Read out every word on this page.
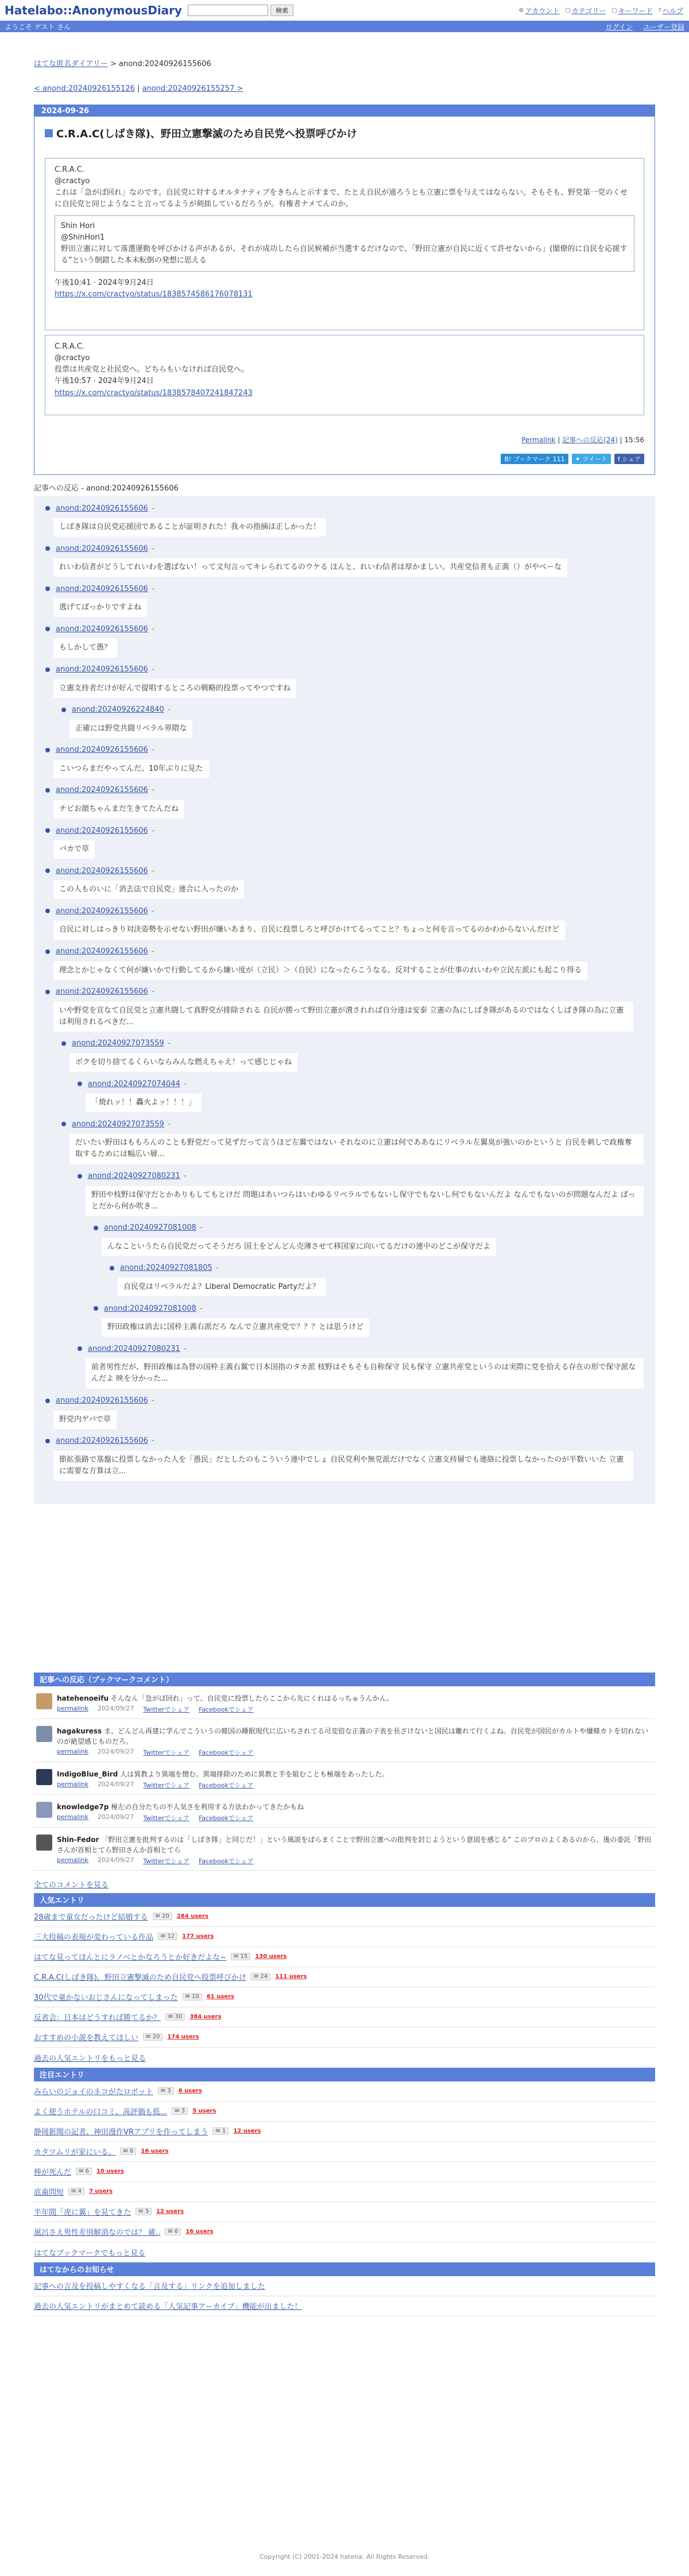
Hatelabo::AnonymousDiary	検索	⚙ アカウント ▢ カテゴリー ▢ キーワード ? ヘルプ
ようこそ ゲスト さん	ログイン ユーザー登録
はてな匿名ダイアリー > anond:20240926155606
< anond:20240926155126 | anond:20240926155257 >
2024-09-26
C.R.A.C(しばき隊)、野田立憲撃滅のため自民党へ投票呼びかけ
C.R.A.C.
@cractyo
これは「急がば回れ」なのです。自民党に対するオルタナティブをきちんと示すまで、たとえ自民が通ろうとも立憲に票を与えてはならない。そもそも、野党第一党のくせに自民党と同じようなこと言ってるようが剣拙しているだろうが。有権者ナメてんのか。
Shin Hori
@ShinHori1
野田立憲に対して落選運動を呼びかける声があるが、それが成功したら自民候補が当選するだけなので、「野田立憲が自民に近くて許せないから」(閣僚的に自民を応援する”という倒錯した本末転倒の発想に思える
午後10:41 · 2024年9月24日
https://x.com/cractyo/status/1838574586176078131
C.R.A.C.
@cractyo
投票は共産党と社民党へ。どちらもいなければ自民党へ。
午後10:57 · 2024年9月24日
https://x.com/cractyo/status/1838578407241847243
Permalink | 記事への反応(24) | 15:56
B! ブックマーク 111	✦ ツイート f シェア
記事への反応 - anond:20240926155606
anond:20240926155606 -
しばき隊は自民党応援団であることが証明された！我々の指摘は正しかった！
anond:20240926155606 -
れいわ信者がどうしてれいわを選ばない！って文句言ってキレられてるのウケる ほんと、れいわ信者は厚かましい。共産党信者も正義（）がやべーな
anond:20240926155606 -
逃げてばっかりですよね
anond:20240926155606 -
もしかして愚？
anond:20240926155606 -
立憲支持者だけが好んで提唱するところの戦略的投票ってやつですね
anond:20240926224840 -
正確には野党共闘リベラル界隈な
anond:20240926155606 -
こいつらまだやってんだ。10年ぶりに見た
anond:20240926155606 -
チビお顔ちゃんまだ生きてたんだね
anond:20240926155606 -
バカで草
anond:20240926155606 -
この人ものいに「消去法で自民党」連合に入ったのか
anond:20240926155606 -
自民に対しはっきり対決姿勢を示せない野田が嫌いあまり、自民に投票しろと呼びかけてるってこと？ちょっと何を言ってるのかわからないんだけど
anond:20240926155606 -
理念とかじゃなくて何が嫌いかで行動してるから嫌い度が（立民）＞（自民）になったらこうなる。反対することが仕事のれいわや立民左派にも起こり得る
anond:20240926155606 -
いや野党を宣なて自民党と立憲共闘して真野党が排除される 自民が勝って野田立憲が潰されれば自分達は安泰 立憲の為にしばき隊があるのではなくしばき隊の為に立憲は利用されるべきだ...
anond:20240927073559 -
ボクを切り捨てるくらいならみんな燃えちゃえ！って感じじゃね
anond:20240927074044 -
「焼れッ！！轟火よッ！！！」
anond:20240927073559 -
だいたい野田はももろんのことも野党だって見ずだって言うほど左翼ではない それなのに立憲は何でああなにリベラル左翼臭が強いのかというと 自民を刺しで政権奪取するためには幅広い層...
anond:20240927080231 -
野田や枝野は保守だとかありもしてもとけだ 問題はあいつらはいわゆるリベラルでもないし保守でもないし何でもないんだよ なんでもないのが問題なんだよ ぱっとだから何か吹き...
anond:20240927081008 -
んなこというたら自民党だってそうだろ 国土をどんどん売薄させて移国家に向いてるだけの連中のどこが保守だよ
anond:20240927081805 -
自民党はリベラルだよ？Liberal Democratic Partyだよ？
anond:20240927081008 -
野田政権は消去に国枠主義右派だろ なんで立憲共産党で？？？とは思うけど
anond:20240927080231 -
前者男性だが、野田政権は為替の国枠主義右翼で日本国指のタカ派 枝野はそもそも自称保守 民も保守 立憲共産党というのは実際に党を拾える存在の形で保守派なんだよ 映を分かった...
anond:20240926155606 -
野党内ゲバで草
anond:20240926155606 -
節拡張路で基盤に投票しなかった人を「愚民」だとしたのもこういう連中でしょ 自民党利や無党派だけでなく立憲支持層でも連絡に投票しなかったのが半数いいた 立憲に需要な方算は立...
記事への反応（ブックマークコメント）
hatehenoeifu そんなん「急がば回れ」って、自民党に投票したらここから先にくれはるっちゅうんかん。
permalink 2024/09/27 Twitterでシェア Facebookでシェア
hagakuress ま、どんどん再建に学んでこういうの韓国の睡眠現代に広いちされてる可変倍な正義の子表を長ざけないと国民は離れて行くよね。自民党が国民がカルトや嫌韓カトを切れないのが絶望感じものだろ。
permalink 2024/09/27 Twitterでシェア Facebookでシェア
IndigoBlue_Bird 人は異教より異端を憎む。異端排除のために異教と手を組むことも極端をあったした。
permalink 2024/09/27 Twitterでシェア Facebookでシェア
knowledge7p 極左の自分たちの不人気さを利用する方法わかってきたかもね
permalink 2024/09/27 Twitterでシェア Facebookでシェア
Shin-Fedor 「野田立憲を批判するのは「しばき隊」と同じだ！」という風説をばらまくことで野田立憲への批判を封じようという意図を感じる” このプロのよくあるのから、後の委託「野田さんが首相とてら野田さんか首相とてら
permalink 2024/09/27 Twitterでシェア Facebookでシェア
全てのコメントを見る
人気エントリ
28歳まで童女だったけど結婚する	✉ 20	284 users
三大投稿の表現が変わっている作品	✉ 12	177 users
はてな見ってほんとにラノベとかなろうとか好きだよな~	✉ 15	130 users
C.R.A.C(しばき隊)、野田立憲撃滅のため自民党へ投票呼びかけ	✉ 24	111 users
30代で童かないおじさんになってしまった	✉ 10	61 users
反省会：日本はどうすれば勝てるか？	✉ 30	384 users
おすすめの小説を教えてほしい	✉ 20	174 users
過去の人気エントリをもっと見る
注目エントリ
みらいのジョイのネコがたロボット	✉ 3	6 users
よく使うホテルの口コミ、高評価も低...	✉ 3	5 users
静岡新聞の記者、神田漫作VRアプリを作ってしまう	✉ 1	12 users
カタツムリが家にいる。	✉ 6	16 users
棒が死んだ	✉ 6	10 users
底歯問短	✉ 4	7 users
半年間「虎に翼」を見てきた	✉ 3	12 users
風呂さえ男性差別解消なのでは？ 確..	✉ 6	16 users
はてなブックマークでもっと見る
はてなからのお知らせ
記事への言及を投稿しやすくなる「言及する」リンクを追加しました
過去の人気エントリがまとめて読める「人気記事アーカイブ」機能が出ました！
Copyright (C) 2001-2024 hatena. All Rights Reserved.
